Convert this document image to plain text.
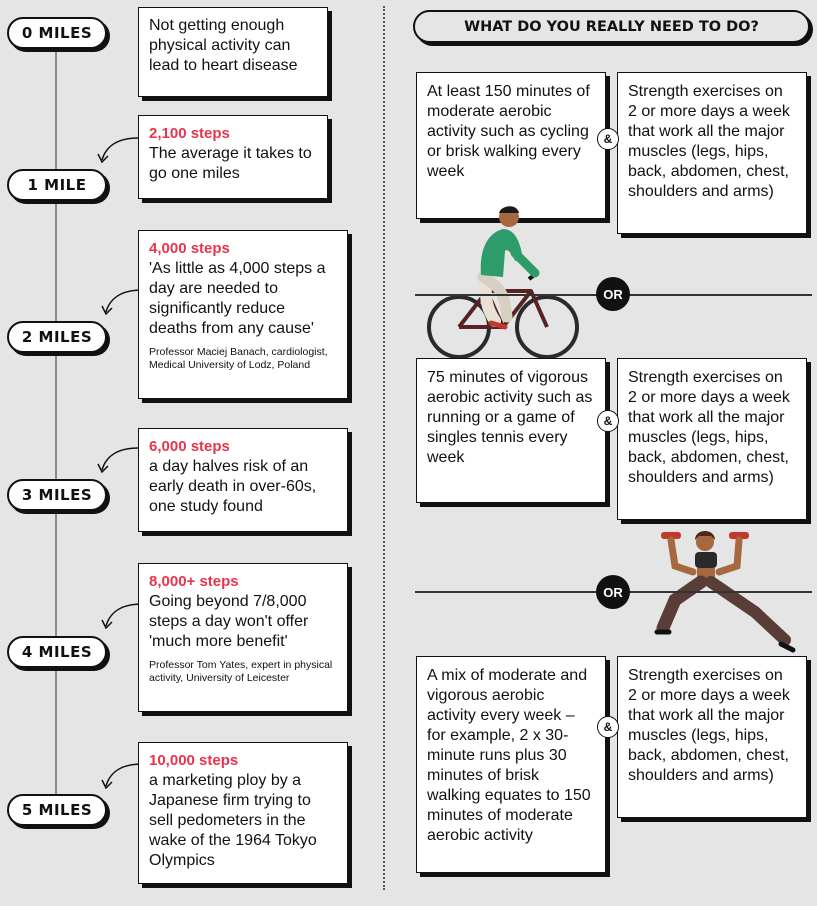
0 MILES
1 MILE
2 MILES
3 MILES
4 MILES
5 MILES
Not getting enough physical activity can lead to heart disease
2,100 steps
The average it takes to go one miles
4,000 steps
'As little as 4,000 steps a day are needed to significantly reduce deaths from any cause'
Professor Maciej Banach, cardiologist, Medical University of Lodz, Poland
6,000 steps
a day halves risk of an early death in over-60s, one study found
8,000+ steps
Going beyond 7/8,000 steps a day won't offer 'much more benefit'
Professor Tom Yates, expert in physical activity, University of Leicester
10,000 steps
a marketing ploy by a Japanese firm trying to sell pedometers in the wake of the 1964 Tokyo Olympics
WHAT DO YOU REALLY NEED TO DO?
At least 150 minutes of moderate aerobic activity such as cycling or brisk walking every week
&
Strength exercises on 2 or more days a week that work all the major muscles (legs, hips, back, abdomen, chest, shoulders and arms)
OR
75 minutes of vigorous aerobic activity such as running or a game of singles tennis every week
&
Strength exercises on 2 or more days a week that work all the major muscles (legs, hips, back, abdomen, chest, shoulders and arms)
OR
A mix of moderate and vigorous aerobic activity every week – for example, 2 x 30-minute runs plus 30 minutes of brisk walking equates to 150 minutes of moderate aerobic activity
&
Strength exercises on 2 or more days a week that work all the major muscles (legs, hips, back, abdomen, chest, shoulders and arms)
